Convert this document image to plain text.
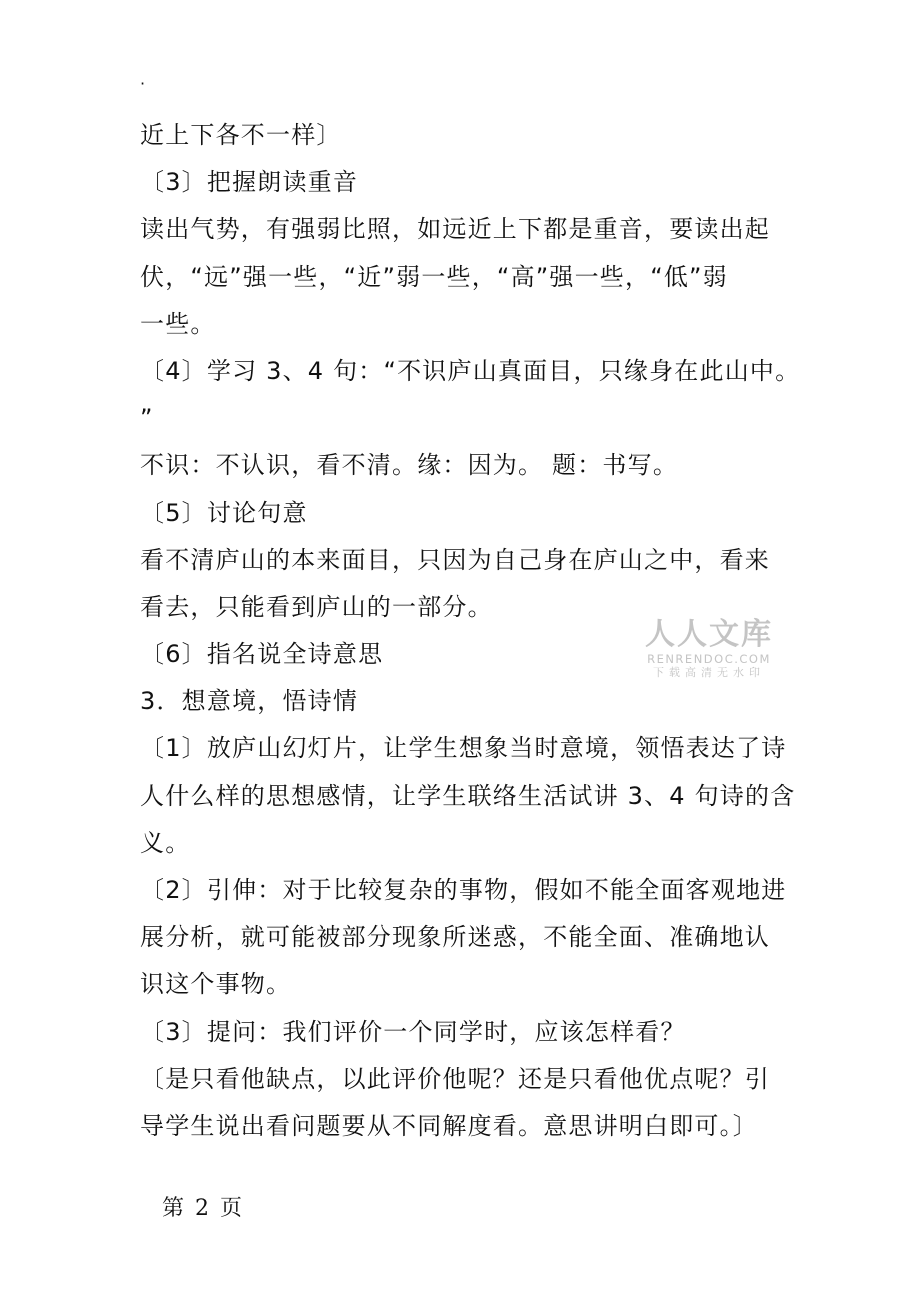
·
近上下各不一样〕
〔3〕把握朗读重音
读出气势，有强弱比照，如远近上下都是重音，要读出起
伏，“远”强一些，“近”弱一些，“高”强一些，“低”弱
一些。
〔4〕学习 3、4 句：“不识庐山真面目，只缘身在此山中。
”
不识：不认识，看不清。缘：因为。 题：书写。
〔5〕讨论句意
看不清庐山的本来面目，只因为自己身在庐山之中，看来
看去，只能看到庐山的一部分。
〔6〕指名说全诗意思
3．想意境，悟诗情
〔1〕放庐山幻灯片，让学生想象当时意境，领悟表达了诗
人什么样的思想感情，让学生联络生活试讲 3、4 句诗的含
义。
〔2〕引伸：对于比较复杂的事物，假如不能全面客观地进
展分析，就可能被部分现象所迷惑，不能全面、准确地认
识这个事物。
〔3〕提问：我们评价一个同学时，应该怎样看？
〔是只看他缺点，以此评价他呢？还是只看他优点呢？引
导学生说出看问题要从不同解度看。意思讲明白即可。〕
人人文库
RENRENDOC.COM
下载高清无水印
第 2 页
